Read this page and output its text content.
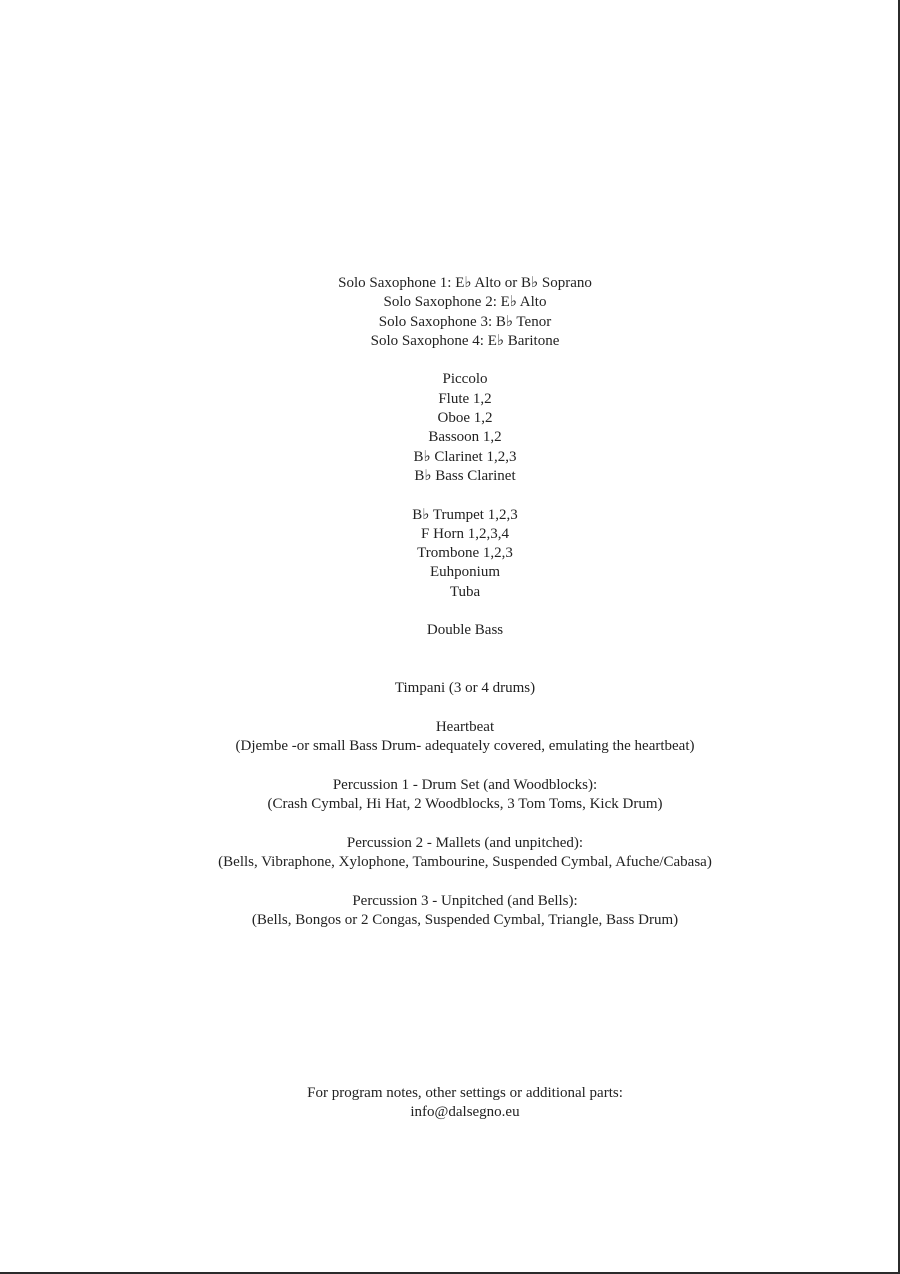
Solo Saxophone 1: E♭ Alto or B♭ Soprano
Solo Saxophone 2: E♭ Alto
Solo Saxophone 3: B♭ Tenor
Solo Saxophone 4: E♭ Baritone
Piccolo
Flute 1,2
Oboe 1,2
Bassoon 1,2
B♭ Clarinet 1,2,3
B♭ Bass Clarinet
B♭ Trumpet 1,2,3
F Horn 1,2,3,4
Trombone 1,2,3
Euhponium
Tuba
Double Bass
Timpani (3 or 4 drums)
Heartbeat
(Djembe -or small Bass Drum- adequately covered, emulating the heartbeat)
Percussion 1 - Drum Set (and Woodblocks):
(Crash Cymbal, Hi Hat, 2 Woodblocks, 3 Tom Toms, Kick Drum)
Percussion 2 - Mallets (and unpitched):
(Bells, Vibraphone, Xylophone, Tambourine, Suspended Cymbal, Afuche/Cabasa)
Percussion 3 - Unpitched (and Bells):
(Bells, Bongos or 2 Congas, Suspended Cymbal, Triangle, Bass Drum)
For program notes, other settings or additional parts:
info@dalsegno.eu
